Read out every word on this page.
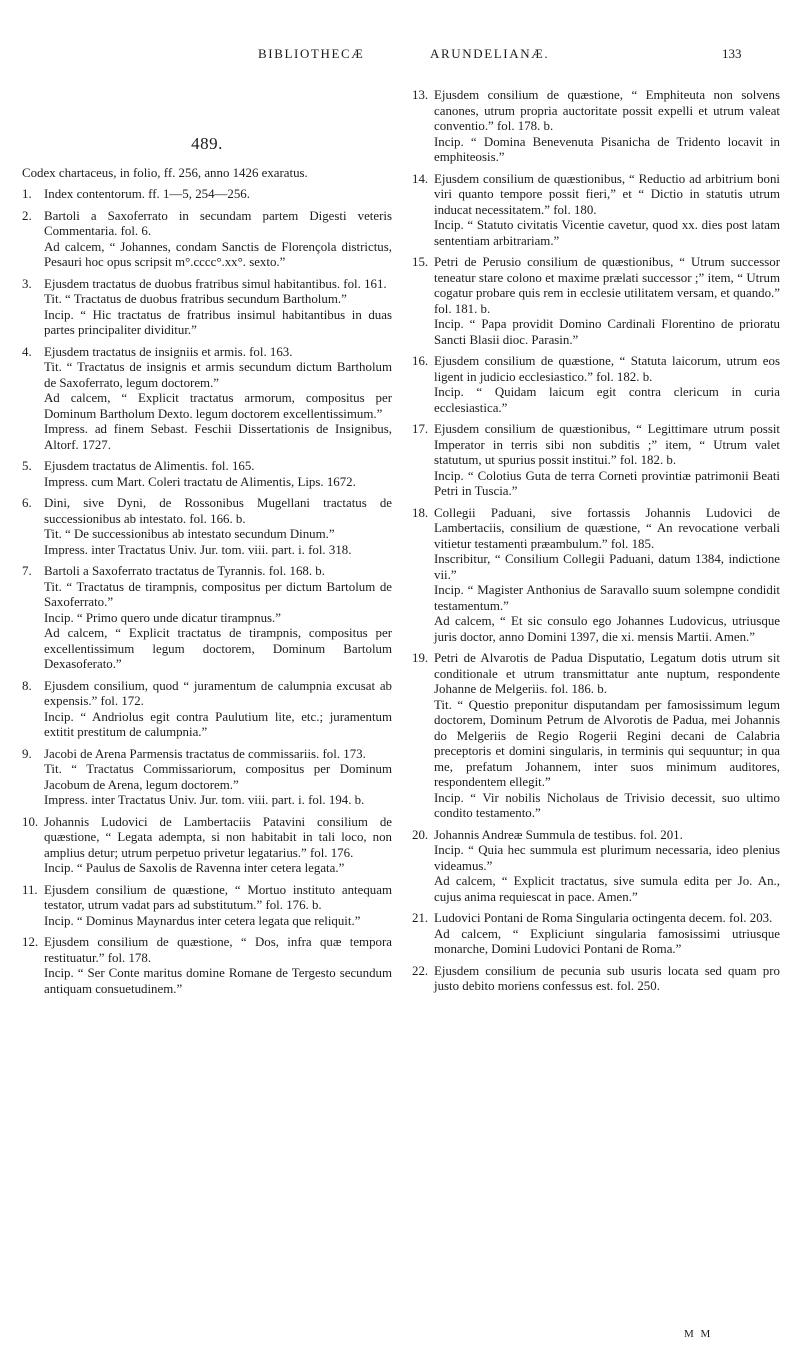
BIBLIOTHECÆ	ARUNDELIANÆ.	133
489.
Codex chartaceus, in folio, ff. 256, anno 1426 exaratus.
1. Index contentorum. ff. 1—5, 254—256.
2. Bartoli a Saxoferrato in secundam partem Digesti veteris Commentaria. fol. 6.
Ad calcem, “ Johannes, condam Sanctis de Florençola districtus, Pesauri hoc opus scripsit m°.cccc°.xx°. sexto.”
3. Ejusdem tractatus de duobus fratribus simul habitantibus. fol. 161.
Tit. “ Tractatus de duobus fratribus secundum Bartholum.”
Incip. “ Hic tractatus de fratribus insimul habitantibus in duas partes principaliter dividitur.”
4. Ejusdem tractatus de insigniis et armis. fol. 163.
Tit. “ Tractatus de insignis et armis secundum dictum Bartholum de Saxoferrato, legum doctorem.”
Ad calcem, “ Explicit tractatus armorum, compositus per Dominum Bartholum Dexto. legum doctorem excellentissimum.”
Impress. ad finem Sebast. Feschii Dissertationis de Insignibus, Altorf. 1727.
5. Ejusdem tractatus de Alimentis. fol. 165.
Impress. cum Mart. Coleri tractatu de Alimentis, Lips. 1672.
6. Dini, sive Dyni, de Rossonibus Mugellani tractatus de successionibus ab intestato. fol. 166. b.
Tit. “ De successionibus ab intestato secundum Dinum.”
Impress. inter Tractatus Univ. Jur. tom. viii. part. i. fol. 318.
7. Bartoli a Saxoferrato tractatus de Tyrannis. fol. 168. b.
Tit. “ Tractatus de tirampnis, compositus per dictum Bartolum de Saxoferrato.”
Incip. “ Primo quero unde dicatur tirampnus.”
Ad calcem, “ Explicit tractatus de tirampnis, compositus per excellentissimum legum doctorem, Dominum Bartolum Dexasoferato.”
8. Ejusdem consilium, quod “ juramentum de calumpnia excusat ab expensis.” fol. 172.
Incip. “ Andriolus egit contra Paulutium lite, etc.; juramentum extitit prestitum de calumpnia.”
9. Jacobi de Arena Parmensis tractatus de commissariis. fol. 173.
Tit. “ Tractatus Commissariorum, compositus per Dominum Jacobum de Arena, legum doctorem.”
Impress. inter Tractatus Univ. Jur. tom. viii. part. i. fol. 194. b.
10. Johannis Ludovici de Lambertaciis Patavini consilium de quæstione, “ Legata adempta, si non habitabit in tali loco, non amplius detur; utrum perpetuo privetur legatarius.” fol. 176.
Incip. “ Paulus de Saxolis de Ravenna inter cetera legata.”
11. Ejusdem consilium de quæstione, “ Mortuo instituto antequam testator, utrum vadat pars ad substitutum.” fol. 176. b.
Incip. “ Dominus Maynardus inter cetera legata que reliquit.”
12. Ejusdem consilium de quæstione, “ Dos, infra quæ tempora restituatur.” fol. 178.
Incip. “ Ser Conte maritus domine Romane de Tergesto secundum antiquam consuetudinem.”
13. Ejusdem consilium de quæstione, “ Emphiteuta non solvens canones, utrum propria auctoritate possit expelli et utrum valeat conventio.” fol. 178. b.
Incip. “ Domina Benevenuta Pisanicha de Tridento locavit in emphiteosis.”
14. Ejusdem consilium de quæstionibus, “ Reductio ad arbitrium boni viri quanto tempore possit fieri,” et “ Dictio in statutis utrum inducat necessitatem.” fol. 180.
Incip. “ Statuto civitatis Vicentie cavetur, quod xx. dies post latam sententiam arbitrariam.”
15. Petri de Perusio consilium de quæstionibus, “ Utrum successor teneatur stare colono et maxime prælati successor ;” item, “ Utrum cogatur probare quis rem in ecclesie utilitatem versam, et quando.” fol. 181. b.
Incip. “ Papa providit Domino Cardinali Florentino de prioratu Sancti Blasii dioc. Parasin.”
16. Ejusdem consilium de quæstione, “ Statuta laicorum, utrum eos ligent in judicio ecclesiastico.” fol. 182. b.
Incip. “ Quidam laicum egit contra clericum in curia ecclesiastica.”
17. Ejusdem consilium de quæstionibus, “ Legittimare utrum possit Imperator in terris sibi non subditis ;” item, “ Utrum valet statutum, ut spurius possit institui.” fol. 182. b.
Incip. “ Colotius Guta de terra Corneti provintiæ patrimonii Beati Petri in Tuscia.”
18. Collegii Paduani, sive fortassis Johannis Ludovici de Lambertaciis, consilium de quæstione, “ An revocatione verbali vitietur testamenti præambulum.” fol. 185.
Inscribitur, “ Consilium Collegii Paduani, datum 1384, indictione vii.”
Incip. “ Magister Anthonius de Saravallo suum solempne condidit testamentum.”
Ad calcem, “ Et sic consulo ego Johannes Ludovicus, utriusque juris doctor, anno Domini 1397, die xi. mensis Martii. Amen.”
19. Petri de Alvarotis de Padua Disputatio, Legatum dotis utrum sit conditionale et utrum transmittatur ante nuptum, respondente Johanne de Melgeriis. fol. 186. b.
Tit. “ Questio preponitur disputandam per famosissimum legum doctorem, Dominum Petrum de Alvorotis de Padua, mei Johannis do Melgeriis de Regio Rogerii Regini decani de Calabria preceptoris et domini singularis, in terminis qui sequuntur; in qua me, prefatum Johannem, inter suos minimum auditores, respondentem ellegit.”
Incip. “ Vir nobilis Nicholaus de Trivisio decessit, suo ultimo condito testamento.”
20. Johannis Andreæ Summula de testibus. fol. 201.
Incip. “ Quia hec summula est plurimum necessaria, ideo plenius videamus.”
Ad calcem, “ Explicit tractatus, sive sumula edita per Jo. An., cujus anima requiescat in pace. Amen.”
21. Ludovici Pontani de Roma Singularia octingenta decem. fol. 203.
Ad calcem, “ Expliciunt singularia famosissimi utriusque monarche, Domini Ludovici Pontani de Roma.”
22. Ejusdem consilium de pecunia sub usuris locata sed quam pro justo debito moriens confessus est. fol. 250.
M M
